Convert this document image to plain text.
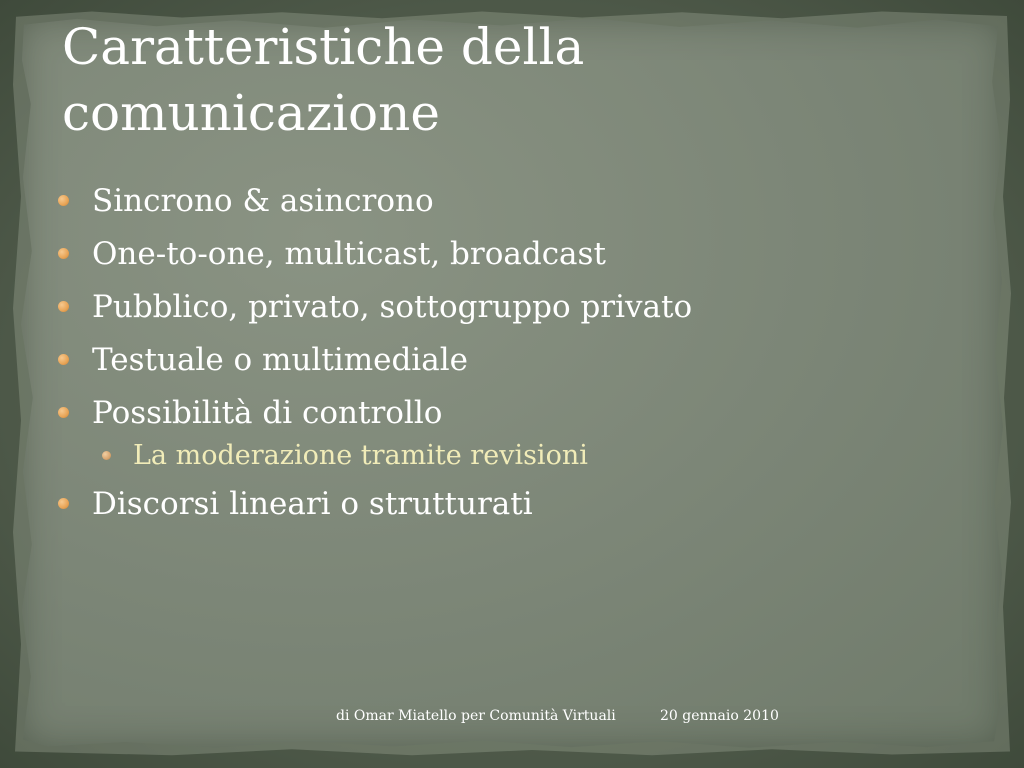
Caratteristiche della comunicazione
Sincrono & asincrono
One-to-one, multicast, broadcast
Pubblico, privato, sottogruppo privato
Testuale o multimediale
Possibilità di controllo
La moderazione tramite revisioni
Discorsi lineari o strutturati
di Omar Miatello per Comunità Virtuali	20 gennaio 2010
